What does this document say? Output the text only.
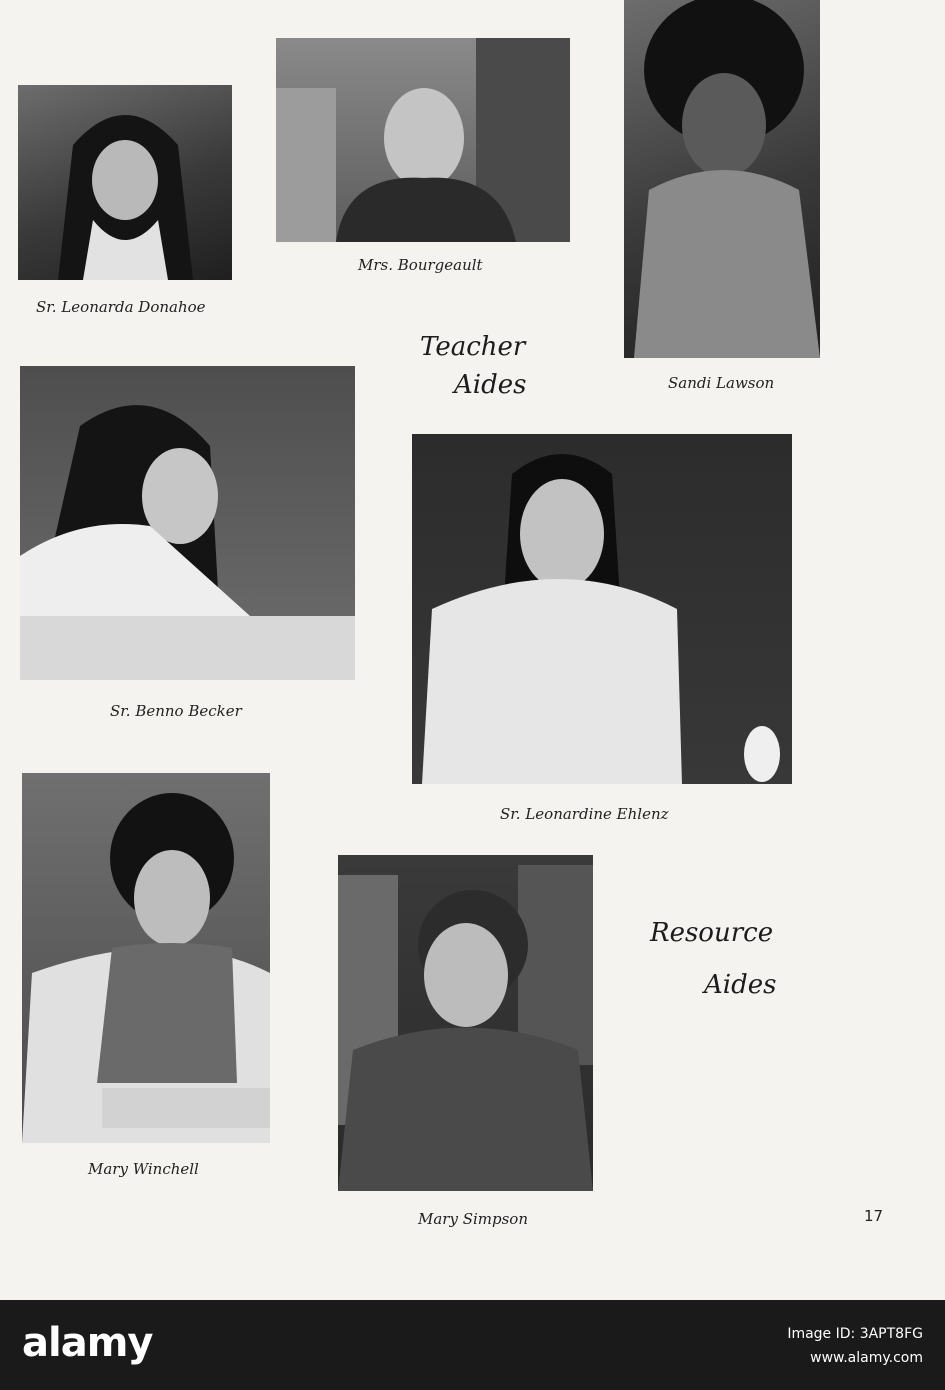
Sr. Leonarda Donahoe
Mrs. Bourgeault
Sandi Lawson
Teacher
Aides
Sr. Benno Becker
Sr. Leonardine Ehlenz
Mary Winchell
Mary Simpson
Resource
Aides
17
alamy	Image ID: 3APT8FG
www.alamy.com
